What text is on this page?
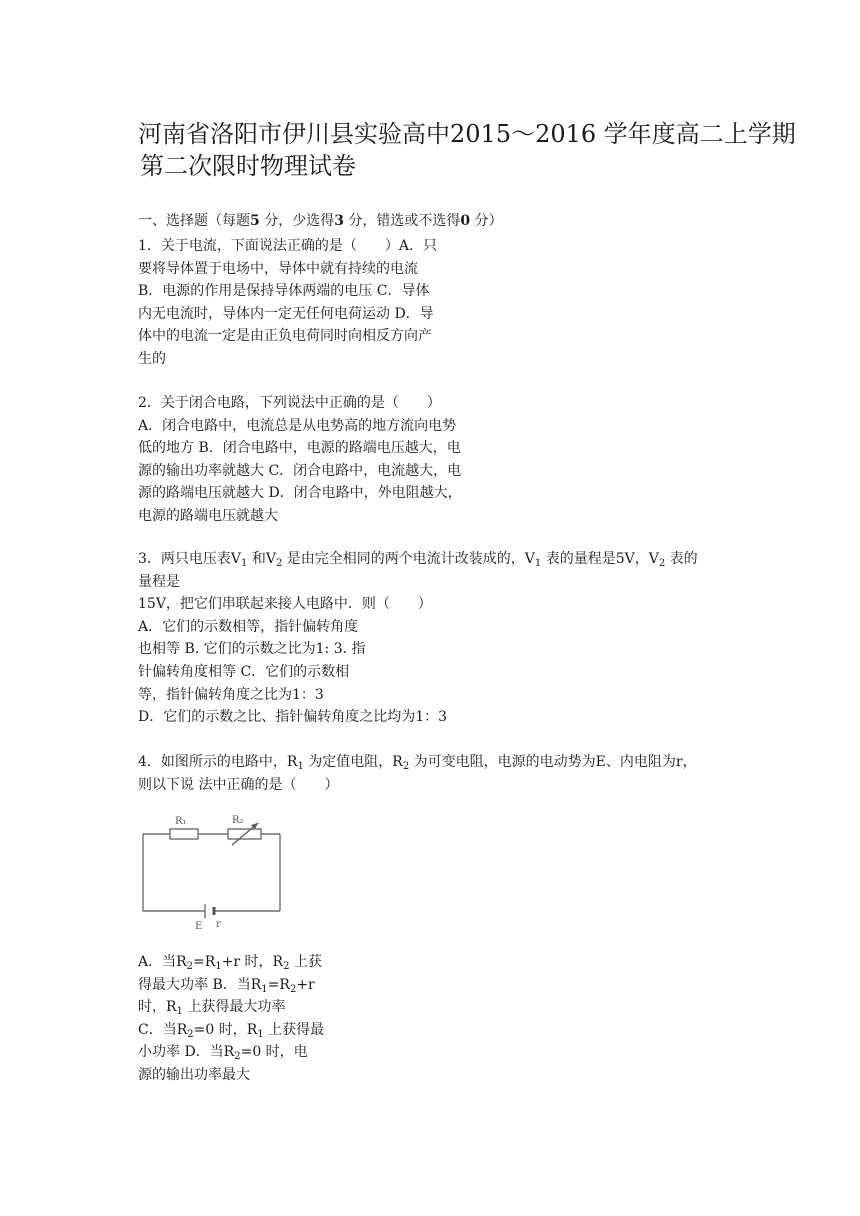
河南省洛阳市伊川县实验高中2015～2016 学年度高二上学期
第二次限时物理试卷
一、选择题（每题5 分，少选得3 分，错选或不选得0 分）
1．关于电流，下面说法正确的是（　　）A．只
要将导体置于电场中，导体中就有持续的电流
B．电源的作用是保持导体两端的电压 C．导体
内无电流时，导体内一定无任何电荷运动 D．导
体中的电流一定是由正负电荷同时向相反方向产
生的
2．关于闭合电路，下列说法中正确的是（　　）
A．闭合电路中，电流总是从电势高的地方流向电势
低的地方 B．闭合电路中，电源的路端电压越大，电
源的输出功率就越大 C．闭合电路中，电流越大，电
源的路端电压就越大 D．闭合电路中，外电阻越大，
电源的路端电压就越大
3．两只电压表$V_1$ 和$V_2$ 是由完全相同的两个电流计改装成的，$V_1$ 表的量程是5V，$V_2$ 表的
量程是
15V，把它们串联起来接人电路中．则（　　）
A．它们的示数相等，指针偏转角度
也相等 B. 它们的示数之比为1: 3. 指
针偏转角度相等 C．它们的示数相
等，指针偏转角度之比为1：3
D．它们的示数之比、指针偏转角度之比均为1：3
4．如图所示的电路中，$R_1$ 为定值电阻，$R_2$ 为可变电阻，电源的电动势为E、内电阻为r，
则以下说 法中正确的是（　　）
R₁	R₂
E r
A．当$R_2=R_1+r$ 时，$R_2$ 上获
得最大功率 B．当$R_1=R_2+r$
时，$R_1$ 上获得最大功率
C．当$R_2=0$ 时，$R_1$ 上获得最
小功率 D．当$R_2=0$ 时，电
源的输出功率最大
